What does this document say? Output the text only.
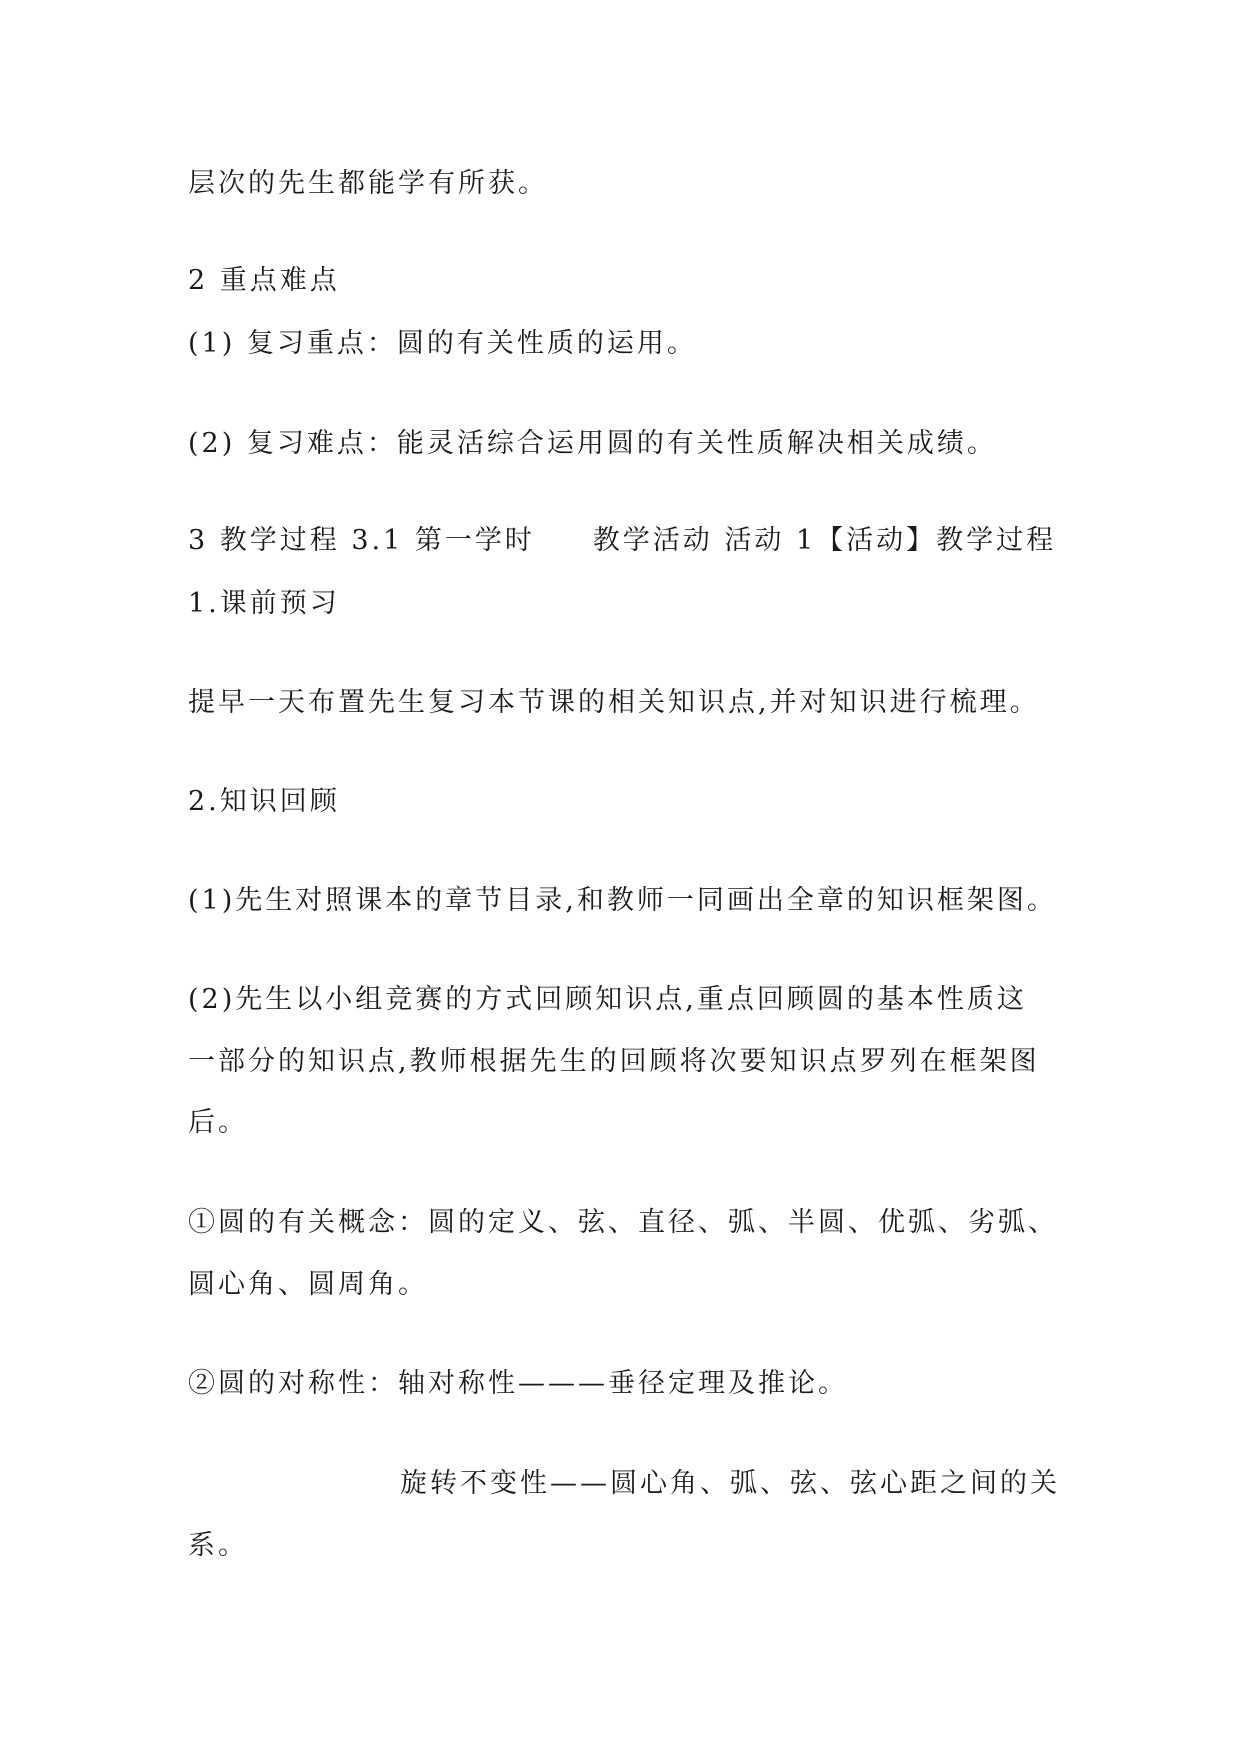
层次的先生都能学有所获。
2 重点难点
(1) 复习重点：圆的有关性质的运用。
(2) 复习难点：能灵活综合运用圆的有关性质解决相关成绩。
3 教学过程 3.1 第一学时     教学活动 活动 1【活动】教学过程
1.课前预习
提早一天布置先生复习本节课的相关知识点,并对知识进行梳理。
2.知识回顾
(1)先生对照课本的章节目录,和教师一同画出全章的知识框架图。
(2)先生以小组竞赛的方式回顾知识点,重点回顾圆的基本性质这
一部分的知识点,教师根据先生的回顾将次要知识点罗列在框架图
后。
①圆的有关概念：圆的定义、弦、直径、弧、半圆、优弧、劣弧、
圆心角、圆周角。
②圆的对称性：轴对称性———垂径定理及推论。
旋转不变性——圆心角、弧、弦、弦心距之间的关
系。
